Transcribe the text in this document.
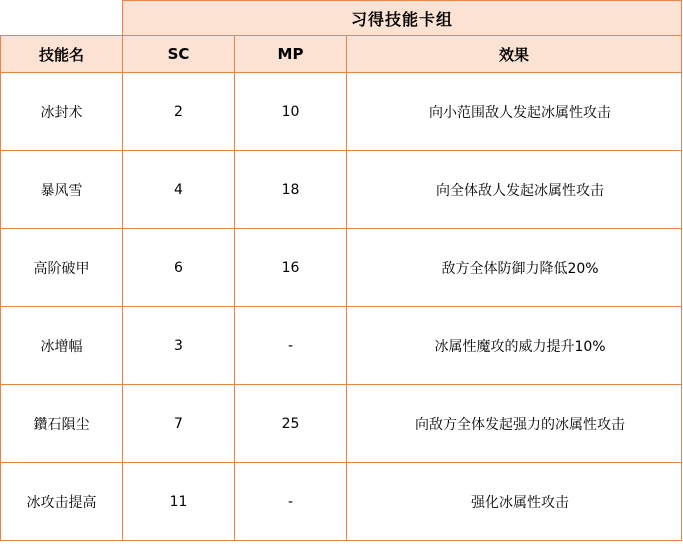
	习得技能卡组		
技能名	SC	MP	效果
冰封术	2	10	向小范围敌人发起冰属性攻击
暴风雪	4	18	向全体敌人发起冰属性攻击
高阶破甲	6	16	敌方全体防御力降低20%
冰增幅	3	-	冰属性魔攻的威力提升10%
鑽石隕尘	7	25	向敌方全体发起强力的冰属性攻击
冰攻击提高	11	-	强化冰属性攻击
